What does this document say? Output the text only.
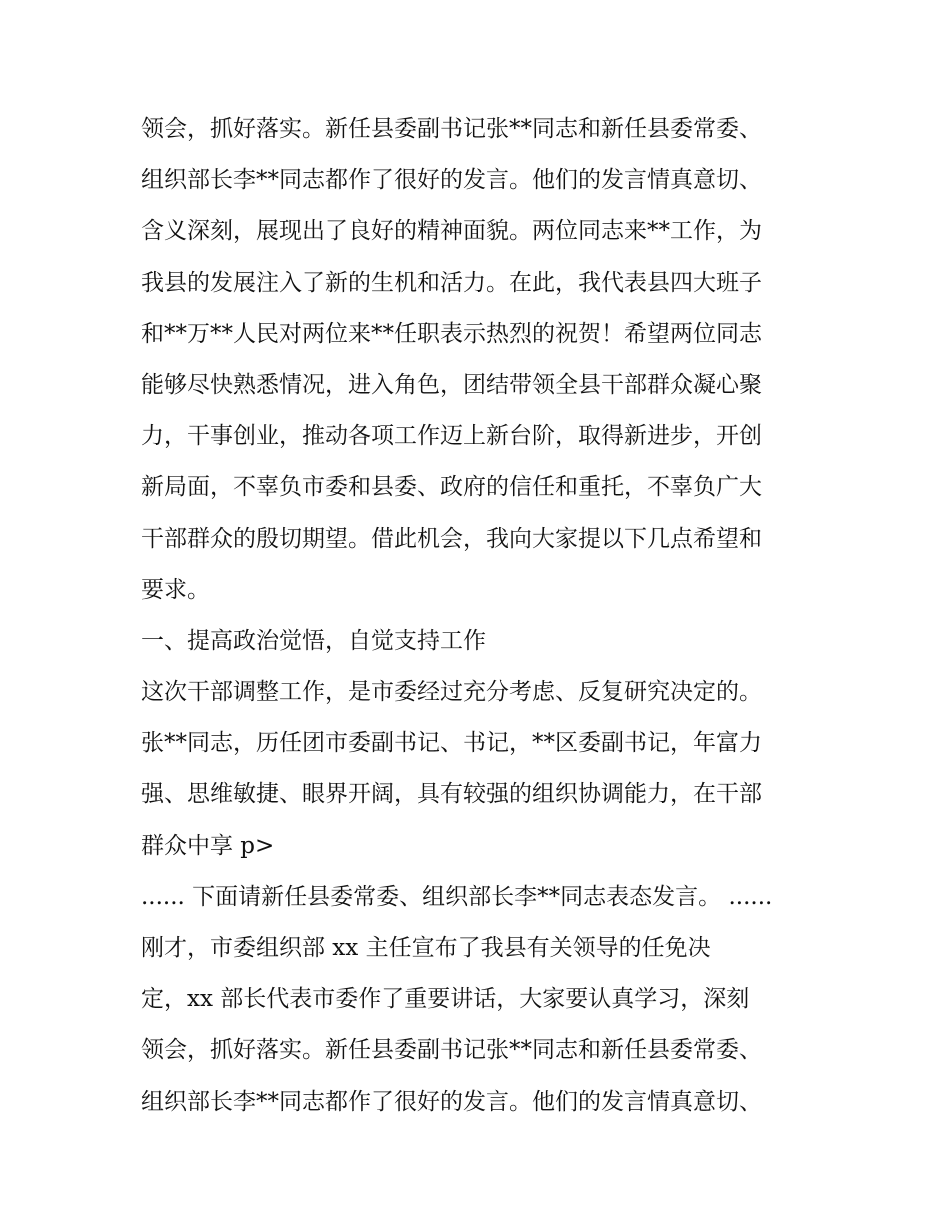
领会，抓好落实。新任县委副书记张**同志和新任县委常委、
组织部长李**同志都作了很好的发言。他们的发言情真意切、
含义深刻，展现出了良好的精神面貌。两位同志来**工作，为
我县的发展注入了新的生机和活力。在此，我代表县四大班子
和**万**人民对两位来**任职表示热烈的祝贺！希望两位同志
能够尽快熟悉情况，进入角色，团结带领全县干部群众凝心聚
力，干事创业，推动各项工作迈上新台阶，取得新进步，开创
新局面，不辜负市委和县委、政府的信任和重托，不辜负广大
干部群众的殷切期望。借此机会，我向大家提以下几点希望和
要求。
一、提高政治觉悟，自觉支持工作
这次干部调整工作，是市委经过充分考虑、反复研究决定的。
张**同志，历任团市委副书记、书记，**区委副书记，年富力
强、思维敏捷、眼界开阔，具有较强的组织协调能力，在干部
群众中享 p>
...... 下面请新任县委常委、组织部长李**同志表态发言。 ......
刚才，市委组织部 xx 主任宣布了我县有关领导的任免决
定，xx 部长代表市委作了重要讲话，大家要认真学习，深刻
领会，抓好落实。新任县委副书记张**同志和新任县委常委、
组织部长李**同志都作了很好的发言。他们的发言情真意切、
